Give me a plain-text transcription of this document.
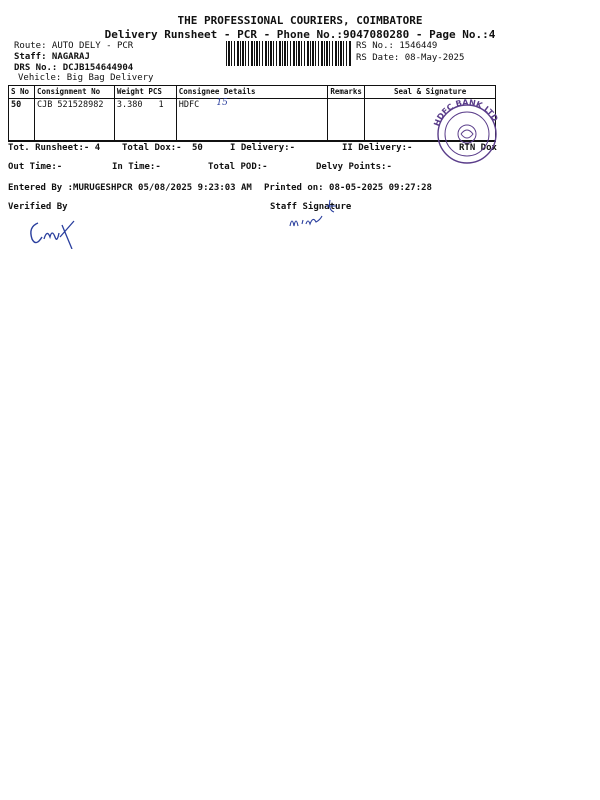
THE PROFESSIONAL COURIERS, COIMBATORE
Delivery Runsheet - PCR - Phone No.:9047080280 - Page No.:4
Route: AUTO DELY - PCR
Staff: NAGARAJ
DRS No.: DCJB154644904
Vehicle: Big Bag Delivery
RS No.: 1546449
RS Date: 08-May-2025
S No	Consignment No	Weight	PCS	Consignee Details	Remarks	Seal & Signature
50	CJB 521528982	3.380	1	HDFC 15		
Tot. Runsheet:- 4 Total Dox:- 50	I Delivery:-	II Delivery:-	RTN Dox
Out Time:-	In Time:-	Total POD:-	Delvy Points:-
Entered By :MURUGESHPCR 05/08/2025 9:23:03 AM Printed on: 08-05-2025 09:27:28
Verified By	Staff Signature
HDFC BANK LTD
